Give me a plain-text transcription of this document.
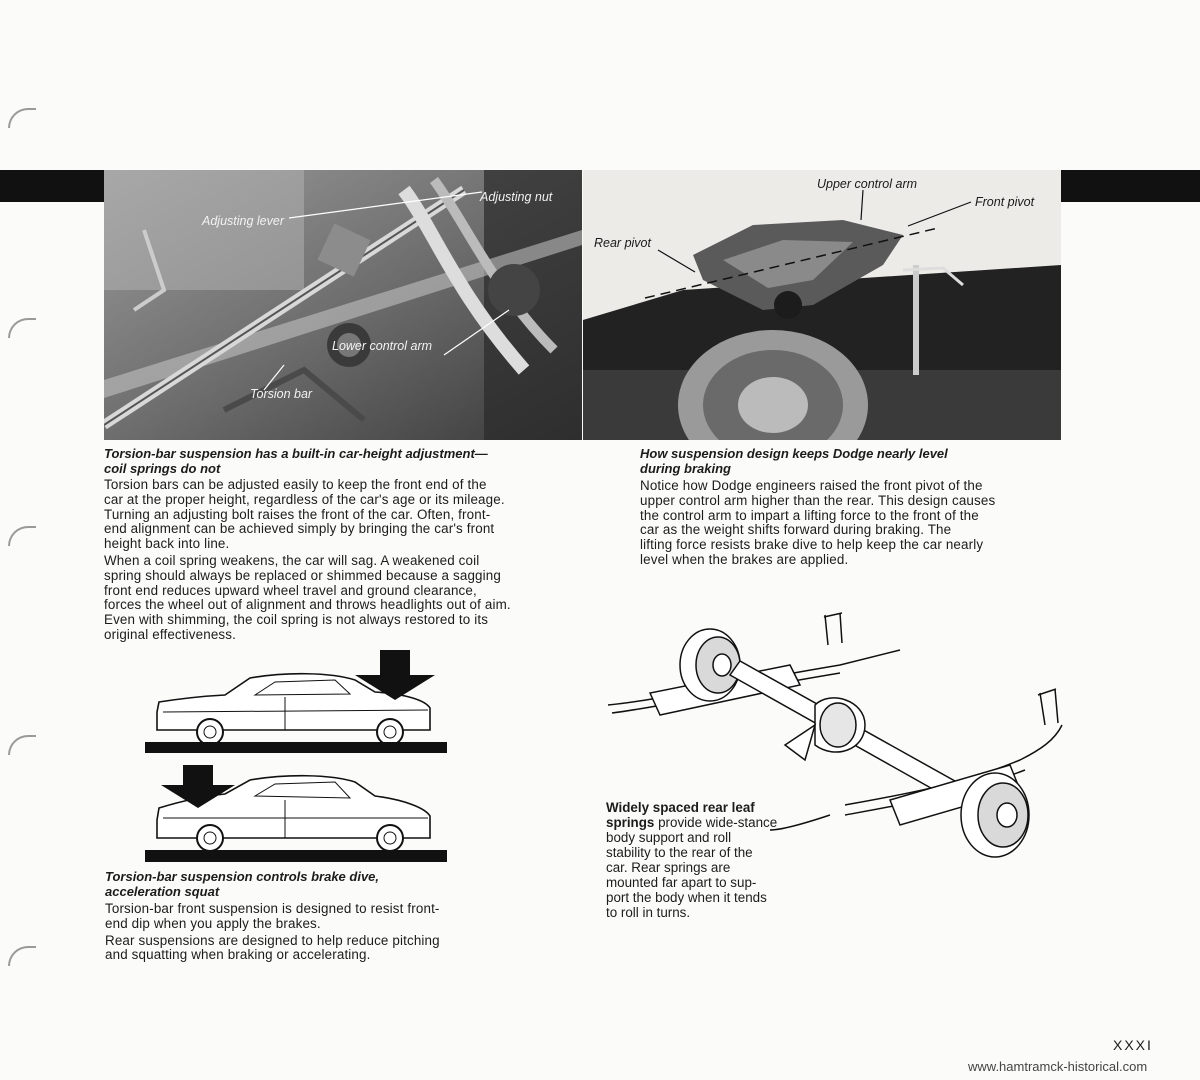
Adjusting nut
Adjusting lever
Lower control arm
Torsion bar
Upper control arm
Front pivot
Rear pivot
Torsion-bar suspension has a built-in car-height adjustment—
coil springs do not

Torsion bars can be adjusted easily to keep the front end of the
car at the proper height, regardless of the car's age or its mileage.
Turning an adjusting bolt raises the front of the car. Often, front-
end alignment can be achieved simply by bringing the car's front
height back into line.

When a coil spring weakens, the car will sag. A weakened coil
spring should always be replaced or shimmed because a sagging
front end reduces upward wheel travel and ground clearance,
forces the wheel out of alignment and throws headlights out of aim.
Even with shimming, the coil spring is not always restored to its
original effectiveness.

How suspension design keeps Dodge nearly level
during braking

Notice how Dodge engineers raised the front pivot of the
upper control arm higher than the rear. This design causes
the control arm to impart a lifting force to the front of the
car as the weight shifts forward during braking. The
lifting force resists brake dive to help keep the car nearly
level when the brakes are applied.

Torsion-bar suspension controls brake dive,
acceleration squat

Torsion-bar front suspension is designed to resist front-
end dip when you apply the brakes.

Rear suspensions are designed to help reduce pitching
and squatting when braking or accelerating.

Widely spaced rear leaf
springs provide wide-stance
body support and roll
stability to the rear of the
car. Rear springs are
mounted far apart to sup-
port the body when it tends
to roll in turns.
XXXI
www.hamtramck-historical.com
